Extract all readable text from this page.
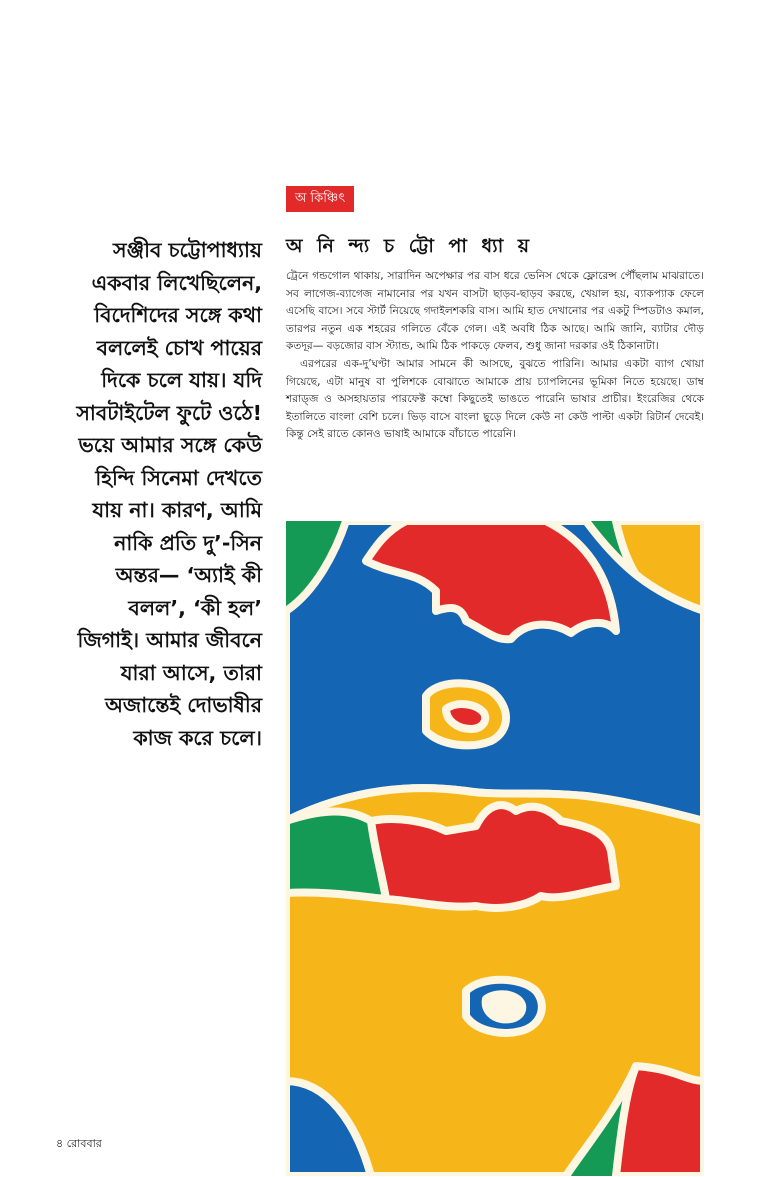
অ কিঞ্চিৎ
অ নি ন্দ্য চ ট্টো পা ধ্যা য়
সঞ্জীব চট্টোপাধ্যায়
একবার লিখেছিলেন,
বিদেশিদের সঙ্গে কথা
বললেই চোখ পায়ের
দিকে চলে যায়। যদি
সাবটাইটেল ফুটে ওঠে!
ভয়ে আমার সঙ্গে কেউ
হিন্দি সিনেমা দেখতে
যায় না। কারণ, আমি
নাকি প্রতি দু’-সিন
অন্তর— ‘অ্যাই কী
বলল’, ‘কী হল’
জিগাই। আমার জীবনে
যারা আসে, তারা
অজান্তেই দোভাষীর
কাজ করে চলে।

ট্রেনে গন্ডগোল থাকায়, সারাদিন অপেক্ষার পর বাস ধরে ভেনিস থেকে ফ্লোরেন্স পৌঁছলাম মাঝরাতে। সব লাগেজ-ব্যাগেজ নামানোর পর যখন বাসটা ছাড়ব-ছাড়ব করছে, খেয়াল হয়, ব্যাকপ্যাক ফেলে এসেছি বাসে। সবে স্টার্ট নিয়েছে গদাইলশকরি বাস। আমি হাত দেখানোর পর একটু স্পিডটাও কমাল, তারপর নতুন এক শহরের গলিতে বেঁকে গেল। এই অবধি ঠিক আছে। আমি জানি, ব্যাটার দৌড় কতদূর— বড়জোর বাস স্ট্যান্ড, আমি ঠিক পাকড়ে ফেলব, শুধু জানা দরকার ওই ঠিকানাটা।

এরপরের এক-দু’ঘণ্টা আমার সামনে কী আসছে, বুঝতে পারিনি। আমার একটা ব্যাগ খোয়া গিয়েছে, এটা মানুষ বা পুলিশকে বোঝাতে আমাকে প্রায় চ্যাপলিনের ভূমিকা নিতে হয়েছে। ডাম্ব শরাড্‌জ ও অসহায়তার পারফেক্ট কম্বো কিছুতেই ভাঙতে পারেনি ভাষার প্রাচীর। ইংরেজির থেকে ইতালিতে বাংলা বেশি চলে। ভিড় বাসে বাংলা ছুড়ে দিলে কেউ না কেউ পাল্টা একটা রিটার্ন দেবেই। কিন্তু সেই রাতে কোনও ভাষাই আমাকে বাঁচাতে পারেনি।

৪ রোববার
